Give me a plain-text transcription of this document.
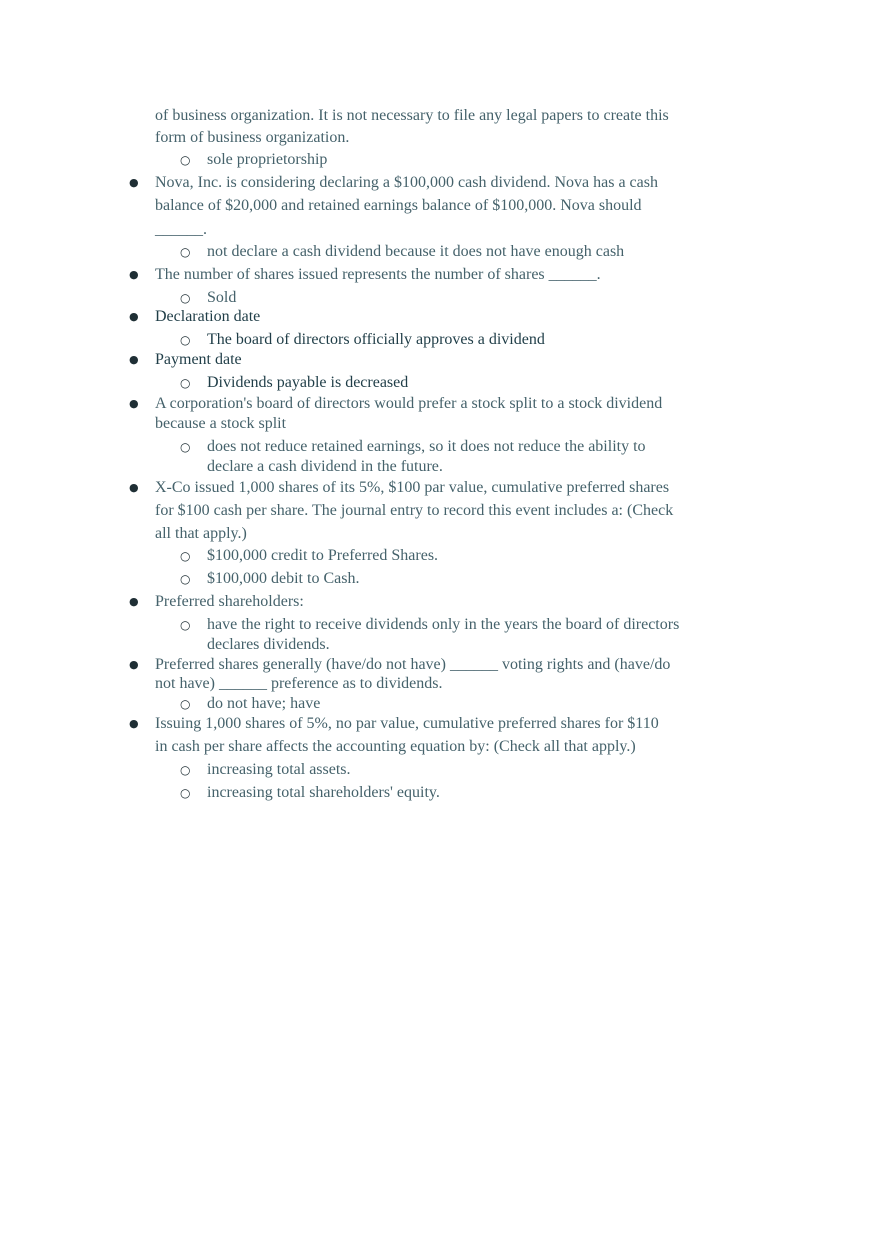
of business organization. It is not necessary to file any legal papers to create this
form of business organization.
○ sole proprietorship
● Nova, Inc. is considering declaring a $100,000 cash dividend. Nova has a cash
balance of $20,000 and retained earnings balance of $100,000. Nova should
______.
○ not declare a cash dividend because it does not have enough cash
● The number of shares issued represents the number of shares ______.
○ Sold
● Declaration date
○ The board of directors officially approves a dividend
● Payment date
○ Dividends payable is decreased
● A corporation's board of directors would prefer a stock split to a stock dividend
because a stock split
○ does not reduce retained earnings, so it does not reduce the ability to
declare a cash dividend in the future.
● X-Co issued 1,000 shares of its 5%, $100 par value, cumulative preferred shares
for $100 cash per share. The journal entry to record this event includes a: (Check
all that apply.)
○ $100,000 credit to Preferred Shares.
○ $100,000 debit to Cash.
● Preferred shareholders:
○ have the right to receive dividends only in the years the board of directors
declares dividends.
● Preferred shares generally (have/do not have) ______ voting rights and (have/do
not have) ______ preference as to dividends.
○ do not have; have
● Issuing 1,000 shares of 5%, no par value, cumulative preferred shares for $110
in cash per share affects the accounting equation by: (Check all that apply.)
○ increasing total assets.
○ increasing total shareholders' equity.
